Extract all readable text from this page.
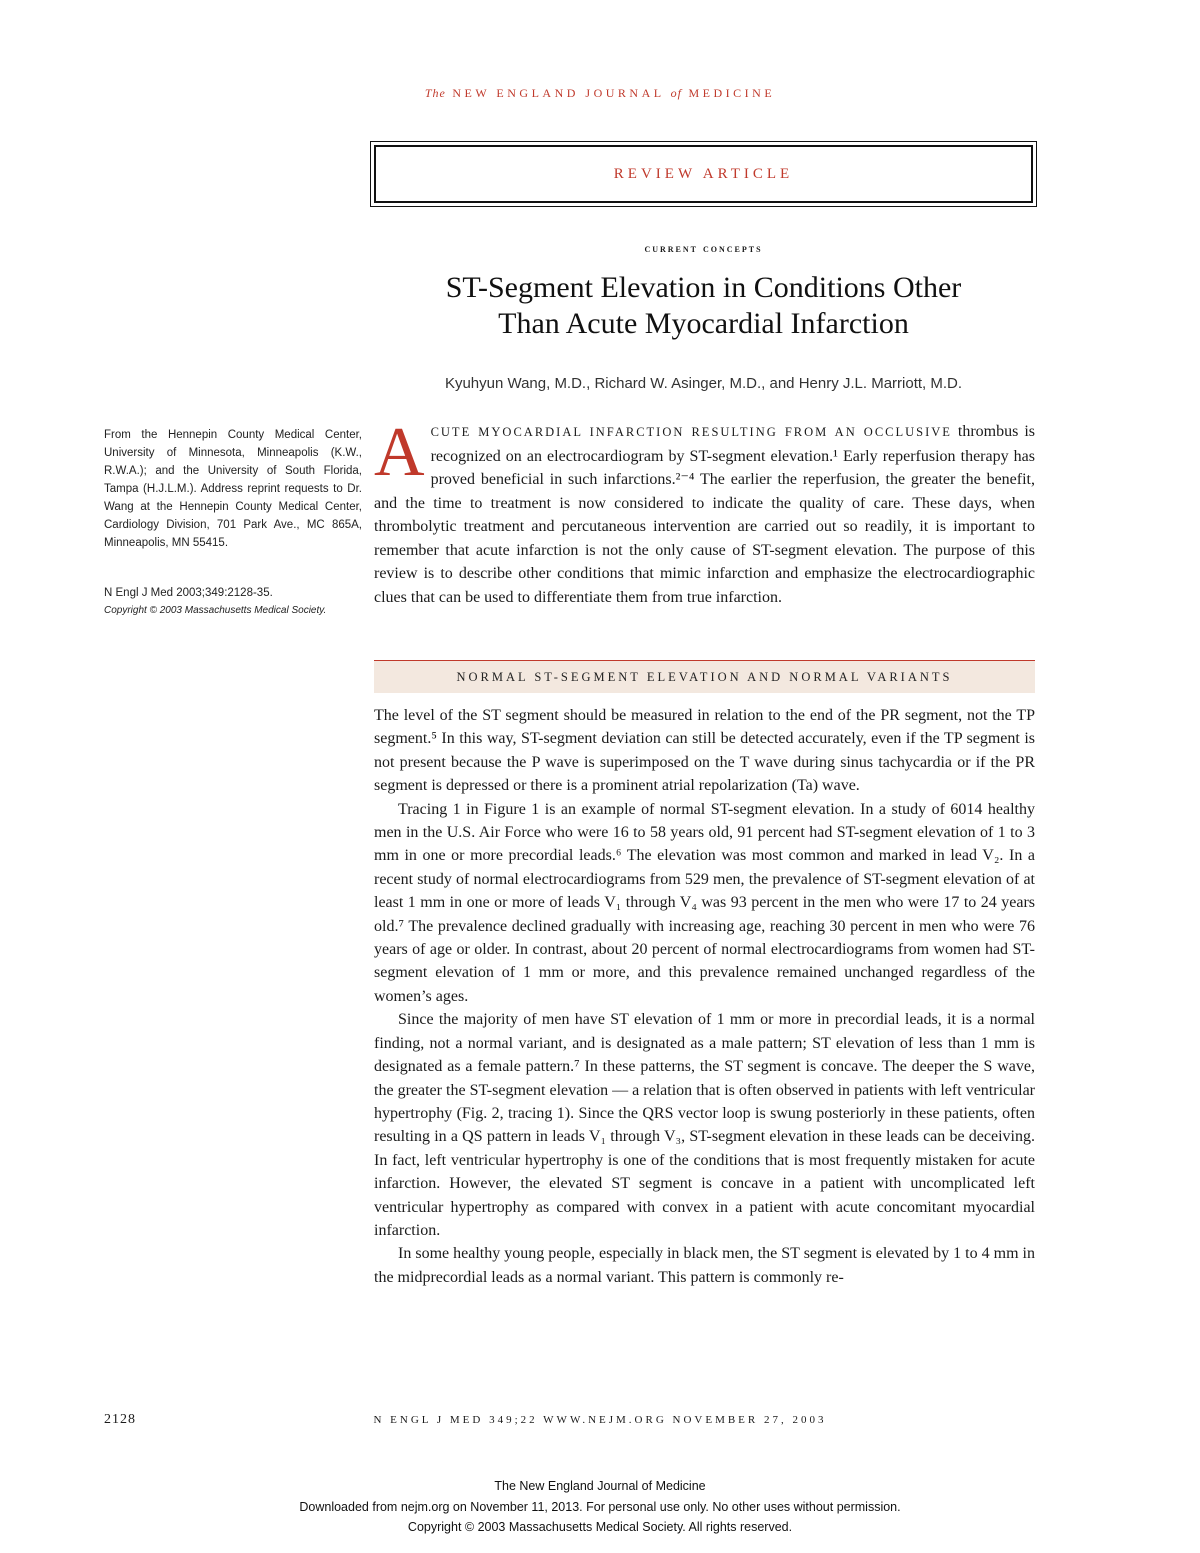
The NEW ENGLAND JOURNAL of MEDICINE
REVIEW ARTICLE
current concepts
ST-Segment Elevation in Conditions Other
Than Acute Myocardial Infarction
Kyuhyun Wang, M.D., Richard W. Asinger, M.D., and Henry J.L. Marriott, M.D.
From the Hennepin County Medical Center, University of Minnesota, Minneapolis (K.W., R.W.A.); and the University of South Florida, Tampa (H.J.L.M.). Address reprint requests to Dr. Wang at the Hennepin County Medical Center, Cardiology Division, 701 Park Ave., MC 865A, Minneapolis, MN 55415.
N Engl J Med 2003;349:2128-35.
Copyright © 2003 Massachusetts Medical Society.
A CUTE MYOCARDIAL INFARCTION RESULTING FROM AN OCCLUSIVE thrombus is recognized on an electrocardiogram by ST-segment elevation.¹ Early reperfusion therapy has proved beneficial in such infarctions.²⁻⁴ The earlier the reperfusion, the greater the benefit, and the time to treatment is now considered to indicate the quality of care. These days, when thrombolytic treatment and percutaneous intervention are carried out so readily, it is important to remember that acute infarction is not the only cause of ST-segment elevation. The purpose of this review is to describe other conditions that mimic infarction and emphasize the electrocardiographic clues that can be used to differentiate them from true infarction.
NORMAL ST-SEGMENT ELEVATION AND NORMAL VARIANTS

The level of the ST segment should be measured in relation to the end of the PR segment, not the TP segment.⁵ In this way, ST-segment deviation can still be detected accurately, even if the TP segment is not present because the P wave is superimposed on the T wave during sinus tachycardia or if the PR segment is depressed or there is a prominent atrial repolarization (Ta) wave.

Tracing 1 in Figure 1 is an example of normal ST-segment elevation. In a study of 6014 healthy men in the U.S. Air Force who were 16 to 58 years old, 91 percent had ST-segment elevation of 1 to 3 mm in one or more precordial leads.⁶ The elevation was most common and marked in lead V₂. In a recent study of normal electrocardiograms from 529 men, the prevalence of ST-segment elevation of at least 1 mm in one or more of leads V₁ through V₄ was 93 percent in the men who were 17 to 24 years old.⁷ The prevalence declined gradually with increasing age, reaching 30 percent in men who were 76 years of age or older. In contrast, about 20 percent of normal electrocardiograms from women had ST-segment elevation of 1 mm or more, and this prevalence remained unchanged regardless of the women’s ages.

Since the majority of men have ST elevation of 1 mm or more in precordial leads, it is a normal finding, not a normal variant, and is designated as a male pattern; ST elevation of less than 1 mm is designated as a female pattern.⁷ In these patterns, the ST segment is concave. The deeper the S wave, the greater the ST-segment elevation — a relation that is often observed in patients with left ventricular hypertrophy (Fig. 2, tracing 1). Since the QRS vector loop is swung posteriorly in these patients, often resulting in a QS pattern in leads V₁ through V₃, ST-segment elevation in these leads can be deceiving. In fact, left ventricular hypertrophy is one of the conditions that is most frequently mistaken for acute infarction. However, the elevated ST segment is concave in a patient with uncomplicated left ventricular hypertrophy as compared with convex in a patient with acute concomitant myocardial infarction.

In some healthy young people, especially in black men, the ST segment is elevated by 1 to 4 mm in the midprecordial leads as a normal variant. This pattern is commonly re-

2128	N ENGL J MED 349;22 WWW.NEJM.ORG NOVEMBER 27, 2003
The New England Journal of Medicine
Downloaded from nejm.org on November 11, 2013. For personal use only. No other uses without permission.
Copyright © 2003 Massachusetts Medical Society. All rights reserved.
